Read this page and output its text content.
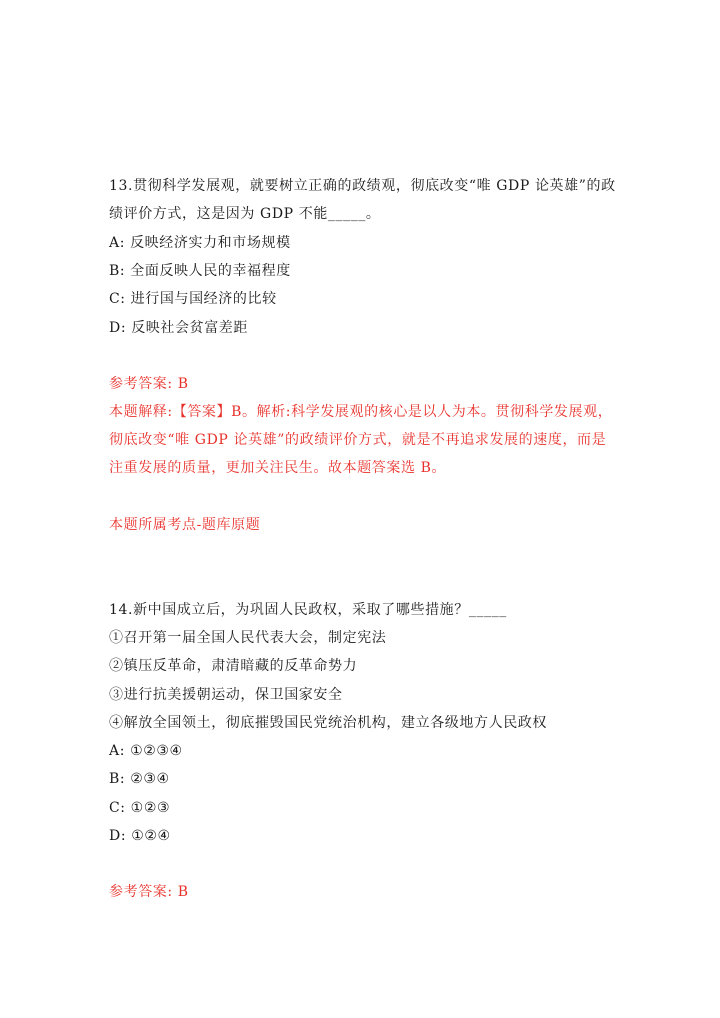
13.贯彻科学发展观，就要树立正确的政绩观，彻底改变“唯 GDP 论英雄”的政
绩评价方式，这是因为 GDP 不能_____。
A: 反映经济实力和市场规模
B: 全面反映人民的幸福程度
C: 进行国与国经济的比较
D: 反映社会贫富差距
参考答案: B
本题解释:【答案】B。解析:科学发展观的核心是以人为本。贯彻科学发展观，
彻底改变“唯 GDP 论英雄”的政绩评价方式，就是不再追求发展的速度，而是
注重发展的质量，更加关注民生。故本题答案选 B。
本题所属考点-题库原题
14.新中国成立后，为巩固人民政权，采取了哪些措施？_____
①召开第一届全国人民代表大会，制定宪法
②镇压反革命，肃清暗藏的反革命势力
③进行抗美援朝运动，保卫国家安全
④解放全国领土，彻底摧毁国民党统治机构，建立各级地方人民政权
A: ①②③④
B: ②③④
C: ①②③
D: ①②④
参考答案: B
